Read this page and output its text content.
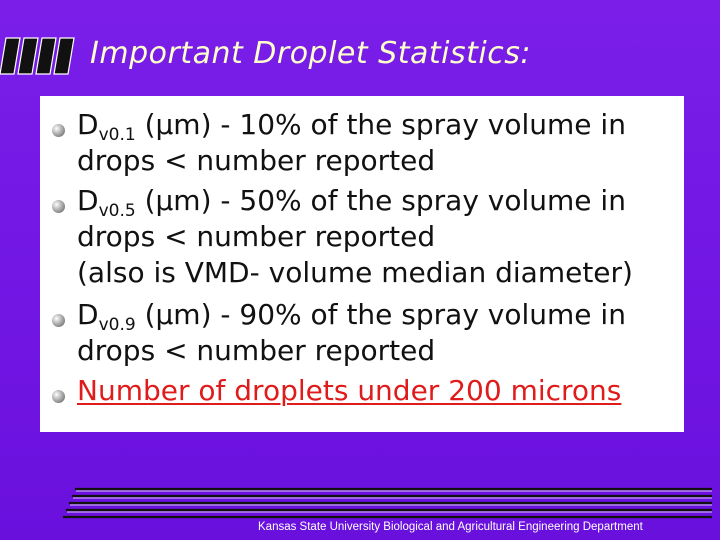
Important Droplet Statistics:
$D_{v0.1}$ (µm) - 10% of the spray volume in
drops < number reported
$D_{v0.5}$ (µm) - 50% of the spray volume in
drops < number reported
(also is VMD- volume median diameter)
$D_{v0.9}$ (µm) - 90% of the spray volume in
drops < number reported
Number of droplets under 200 microns

Kansas State University Biological and Agricultural Engineering Department
